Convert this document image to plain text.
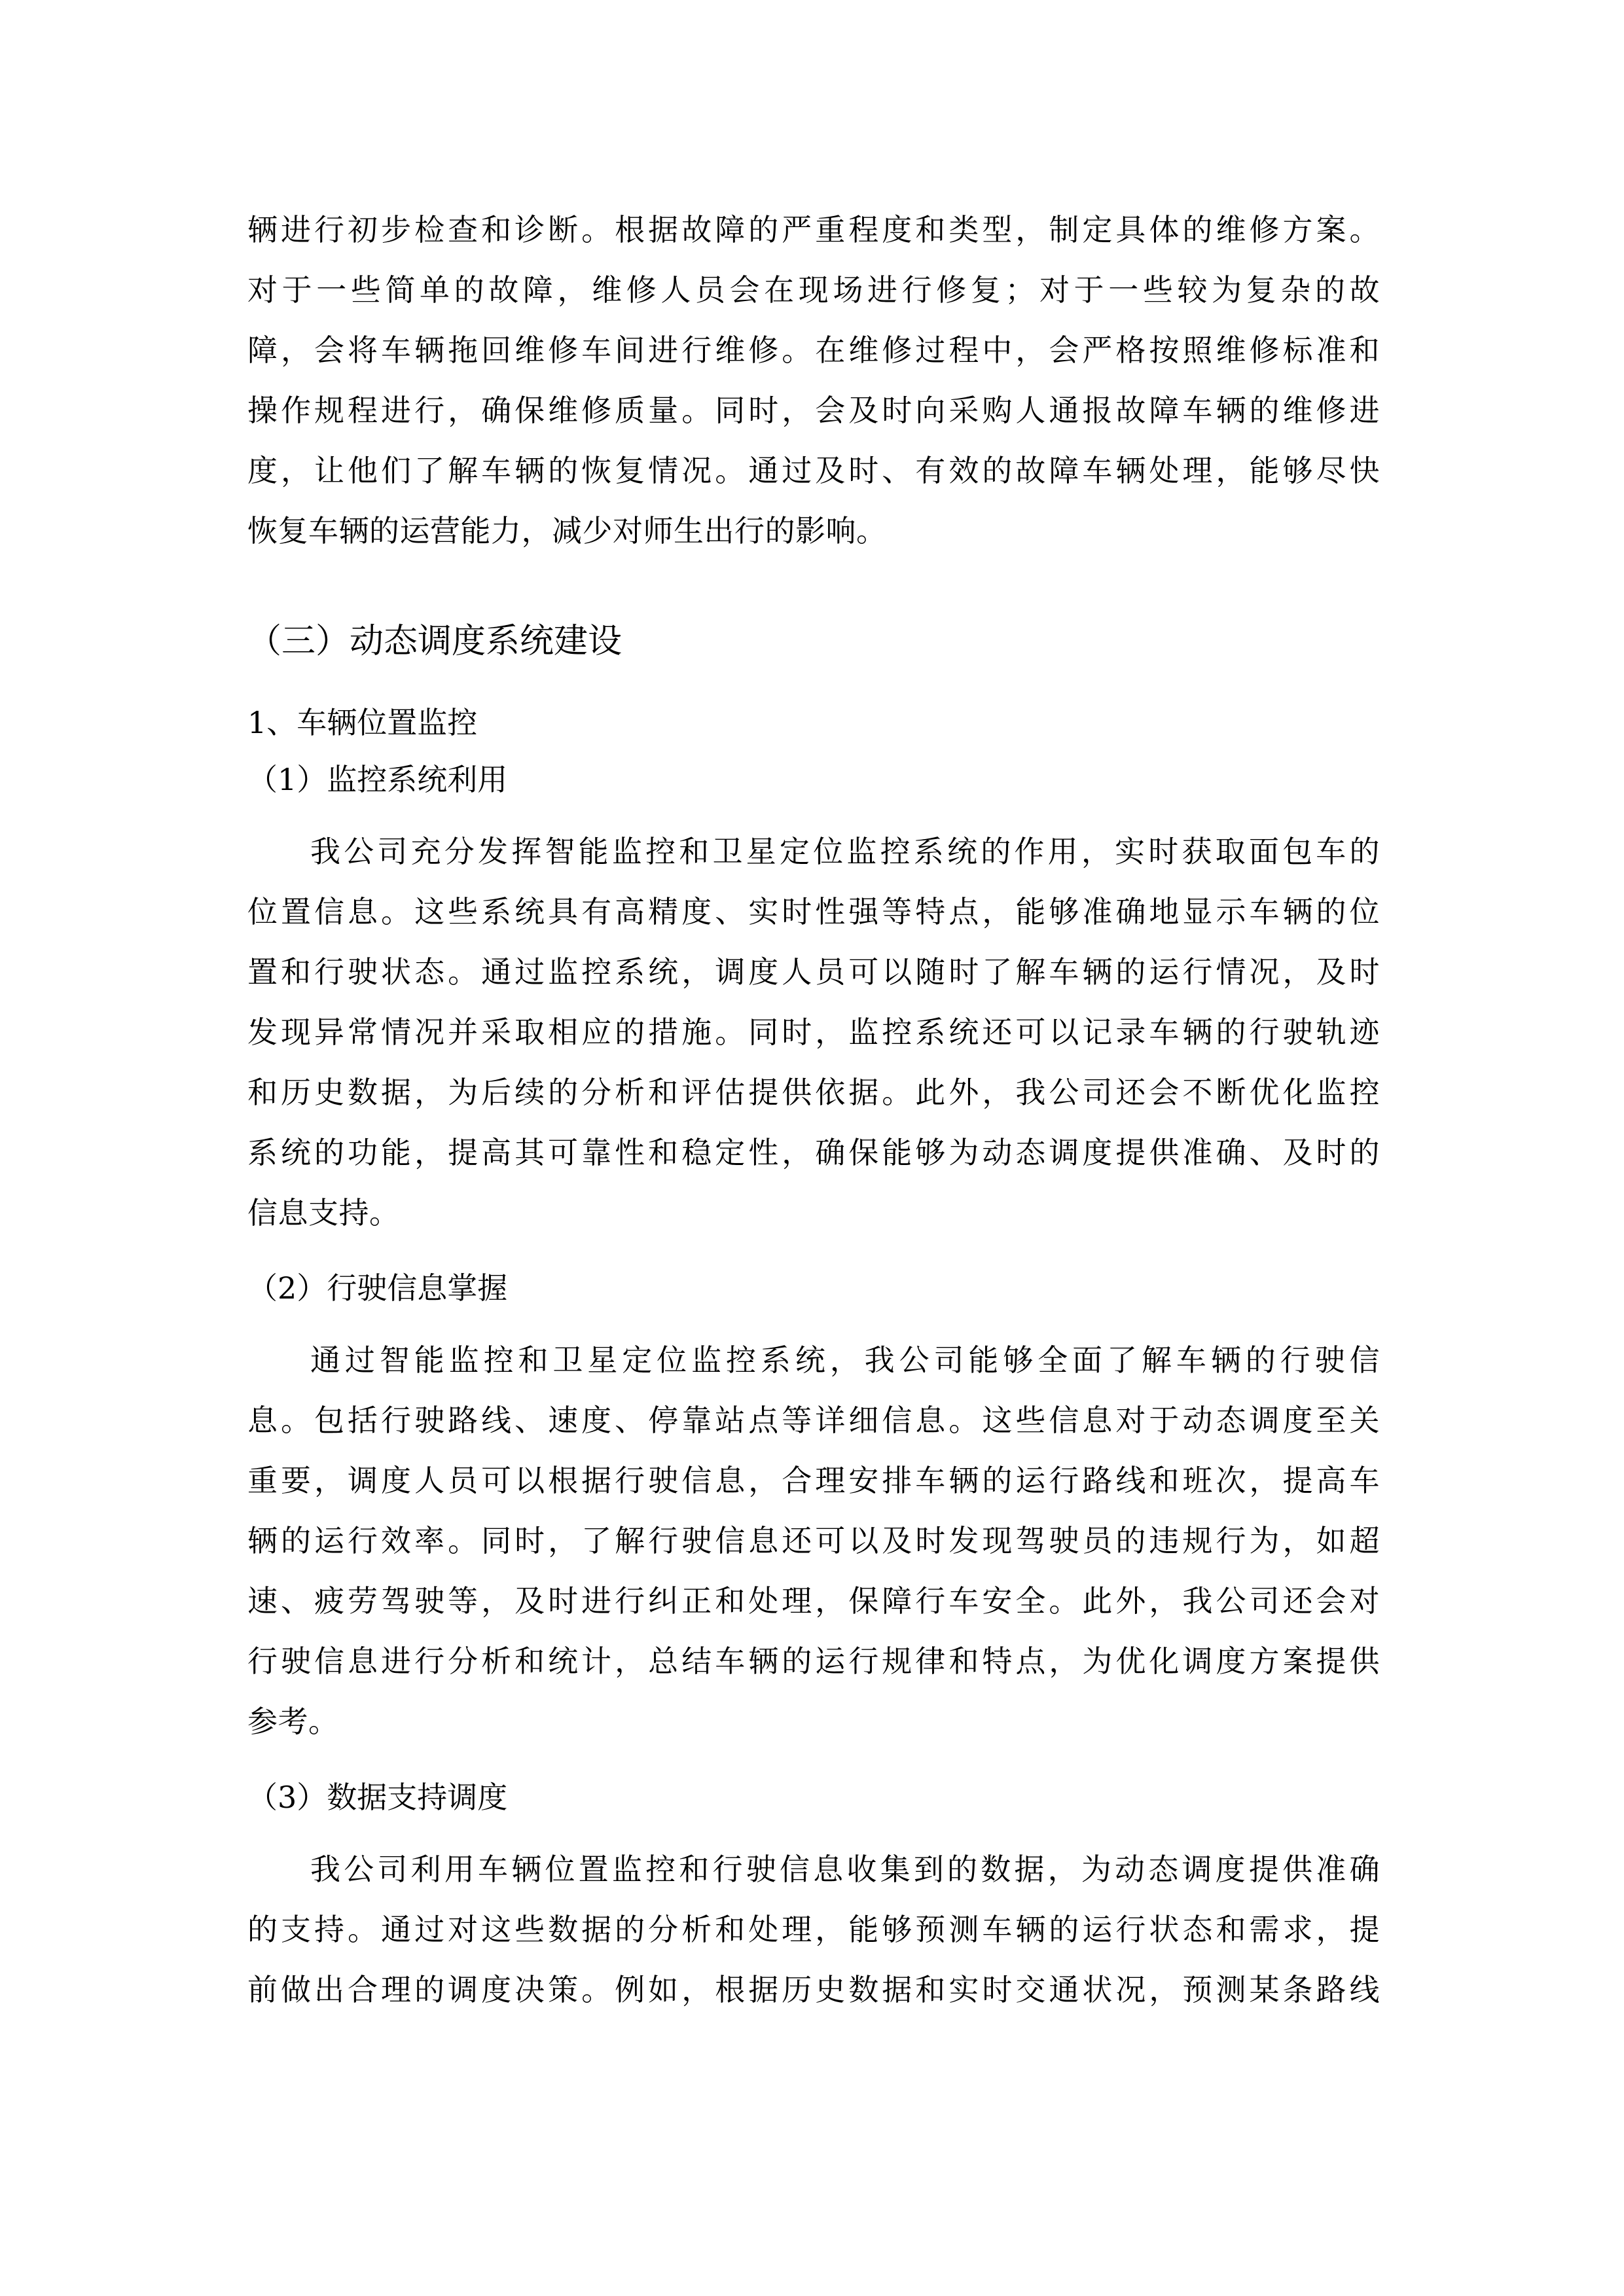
辆进行初步检查和诊断。根据故障的严重程度和类型，制定具体的维修方案。
对于一些简单的故障，维修人员会在现场进行修复；对于一些较为复杂的故
障，会将车辆拖回维修车间进行维修。在维修过程中，会严格按照维修标准和
操作规程进行，确保维修质量。同时，会及时向采购人通报故障车辆的维修进
度，让他们了解车辆的恢复情况。通过及时、有效的故障车辆处理，能够尽快
恢复车辆的运营能力，减少对师生出行的影响。
（三）动态调度系统建设
1、车辆位置监控
（1）监控系统利用
我公司充分发挥智能监控和卫星定位监控系统的作用，实时获取面包车的
位置信息。这些系统具有高精度、实时性强等特点，能够准确地显示车辆的位
置和行驶状态。通过监控系统，调度人员可以随时了解车辆的运行情况，及时
发现异常情况并采取相应的措施。同时，监控系统还可以记录车辆的行驶轨迹
和历史数据，为后续的分析和评估提供依据。此外，我公司还会不断优化监控
系统的功能，提高其可靠性和稳定性，确保能够为动态调度提供准确、及时的
信息支持。
（2）行驶信息掌握
通过智能监控和卫星定位监控系统，我公司能够全面了解车辆的行驶信
息。包括行驶路线、速度、停靠站点等详细信息。这些信息对于动态调度至关
重要，调度人员可以根据行驶信息，合理安排车辆的运行路线和班次，提高车
辆的运行效率。同时，了解行驶信息还可以及时发现驾驶员的违规行为，如超
速、疲劳驾驶等，及时进行纠正和处理，保障行车安全。此外，我公司还会对
行驶信息进行分析和统计，总结车辆的运行规律和特点，为优化调度方案提供
参考。
（3）数据支持调度
我公司利用车辆位置监控和行驶信息收集到的数据，为动态调度提供准确
的支持。通过对这些数据的分析和处理，能够预测车辆的运行状态和需求，提
前做出合理的调度决策。例如，根据历史数据和实时交通状况，预测某条路线
